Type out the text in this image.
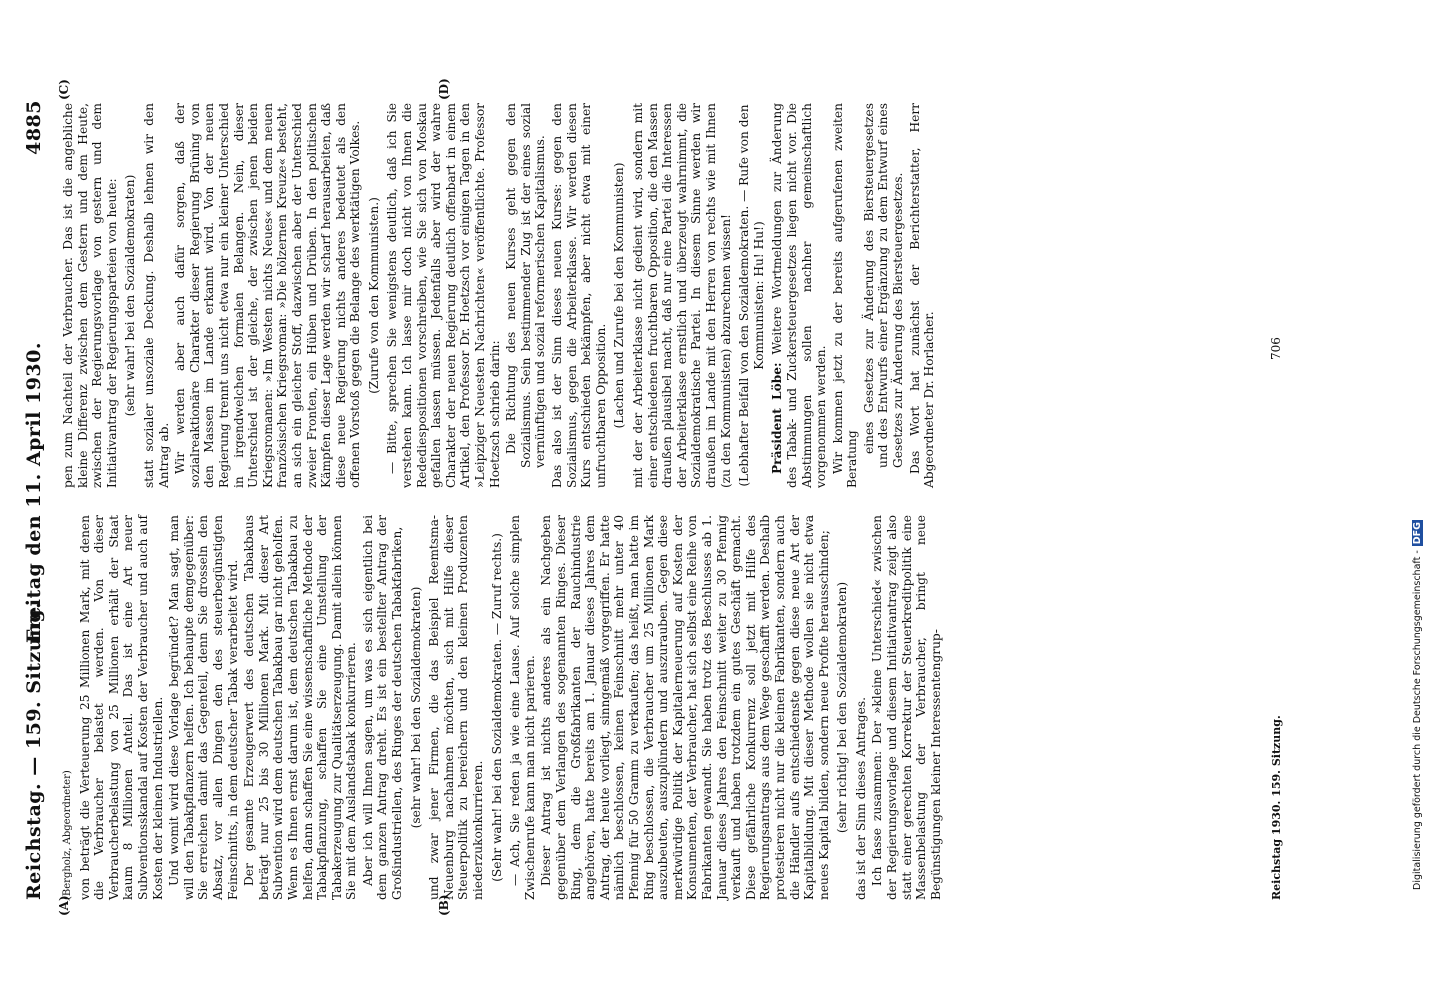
Reichstag. — 159. Sitzung.
Freitag den 11. April 1930. 4885

(Bergholz, Abgeordneter) von beträgt die Verteuerung 25 Millionen Mark, mit denen die Verbraucher belastet werden. Von dieser Verbraucherbelastung von 25 Millionen erhält der Staat kaum 8 Millionen Anteil. Das ist eine Art neuer Subventionsskandal auf Kosten der Verbraucher und auch auf Kosten der kleinen Industriellen. Und womit wird diese Vorlage begründet? Man sagt, man will den Tabakpflanzern helfen. Ich behaupte demgegenüber: Sie erreichen damit das Gegenteil, denn Sie drosseln den Absatz, vor allen Dingen den des steuerbegünstigten Feinschnitts, in dem deutscher Tabak verarbeitet wird. Der gesamte Erzeugerwert des deutschen Tabakbaus beträgt nur 25 bis 30 Millionen Mark. Mit dieser Art Subvention wird dem deutschen Tabakbau gar nicht geholfen. Wenn es Ihnen ernst darum ist, dem deutschen Tabakbau zu helfen, dann schaffen Sie eine wissenschaftliche Methode der Tabakpflanzung, schaffen Sie eine Umstellung der Tabakerzeugung zur Qualitätserzeugung. Damit allein können Sie mit dem Auslandstabak konkurrieren. Aber ich will Ihnen sagen, um was es sich eigentlich bei dem ganzen Antrag dreht. Es ist ein bestellter Antrag der Großindustriellen, des Ringes der deutschen Tabakfabriken, (sehr wahr! bei den Sozialdemokraten) und zwar jener Firmen, die das Beispiel Reemtsma-Neuenburg nachahmen möchten, sich mit Hilfe dieser Steuerpolitik zu bereichern und den kleinen Produzenten niederzukonkurrieren. (Sehr wahr! bei den Sozialdemokraten. — Zuruf rechts.) — Ach, Sie reden ja wie eine Lause. Auf solche simplen Zwischenrufe kann man nicht parieren. Dieser Antrag ist nichts anderes als ein Nachgeben gegenüber dem Verlangen des sogenannten Ringes. Dieser Ring, dem die Großfabrikanten der Rauchindustrie angehören, hatte bereits am 1. Januar dieses Jahres dem Antrag, der heute vorliegt, sinngemäß vorgegriffen. Er hatte nämlich beschlossen, keinen Feinschnitt mehr unter 40 Pfennig für 50 Gramm zu verkaufen; das heißt, man hatte im Ring beschlossen, die Verbraucher um 25 Millionen Mark auszubeuten, auszuplündern und auszurauben. Gegen diese merkwürdige Politik der Kapitalerneuerung auf Kosten der Konsumenten, der Verbraucher, hat sich selbst eine Reihe von Fabrikanten gewandt. Sie haben trotz des Beschlusses ab 1. Januar dieses Jahres den Feinschnitt weiter zu 30 Pfennig verkauft und haben trotzdem ein gutes Geschäft gemacht. Diese gefährliche Konkurrenz soll jetzt mit Hilfe des Regierungsantrags aus dem Wege geschafft werden. Deshalb protestieren nicht nur die kleinen Fabrikanten, sondern auch die Händler aufs entschiedenste gegen diese neue Art der Kapitalbildung. Mit dieser Methode wollen sie nicht etwa neues Kapital bilden, sondern neue Profite herausschinden; (sehr richtig! bei den Sozialdemokraten) das ist der Sinn dieses Antrages. Ich fasse zusammen: Der »kleine Unterschied« zwischen der Regierungsvorlage und diesem Initiativantrag zeigt also statt einer gerechten Korrektur der Steuerkreditpolitik eine Massenbelastung der Verbraucher, bringt neue Begünstigungen kleiner Interessentengrup-

pen zum Nachteil der Verbraucher. Das ist die angebliche kleine Differenz zwischen dem Gestern und dem Heute, zwischen der Regierungsvorlage von gestern und dem Initiativantrag der Regierungsparteien von heute: (sehr wahr! bei den Sozialdemokraten) statt sozialer unsoziale Deckung. Deshalb lehnen wir den Antrag ab. Wir werden aber auch dafür sorgen, daß der sozialreaktionäre Charakter dieser Regierung Brüning von den Massen im Lande erkannt wird. Von der neuen Regierung trennt uns nicht etwa nur ein kleiner Unterschied in irgendwelchen formalen Belangen. Nein, dieser Unterschied ist der gleiche, der zwischen jenen beiden Kriegsromanen: »Im Westen nichts Neues« und dem neuen französischen Kriegsroman: »Die hölzernen Kreuze« besteht, an sich ein gleicher Stoff, dazwischen aber der Unterschied zweier Fronten, ein Hüben und Drüben. In den politischen Kämpfen dieser Lage werden wir scharf herausarbeiten, daß diese neue Regierung nichts anderes bedeutet als den offenen Vorstoß gegen die Belange des werktätigen Volkes. (Zurufe von den Kommunisten.) — Bitte, sprechen Sie wenigstens deutlich, daß ich Sie verstehen kann. Ich lasse mir doch nicht von Ihnen die Redediespositionen vorschreiben, wie Sie sich von Moskau gefallen lassen müssen. Jedenfalls aber wird der wahre Charakter der neuen Regierung deutlich offenbart in einem Artikel, den Professor Dr. Hoetzsch vor einigen Tagen in den »Leipziger Neuesten Nachrichten« veröffentlichte. Professor Hoetzsch schrieb darin: Die Richtung des neuen Kurses geht gegen den Sozialismus. Sein bestimmender Zug ist der eines sozial vernünftigen und sozial reformerischen Kapitalismus. Das also ist der Sinn dieses neuen Kurses: gegen den Sozialismus, gegen die Arbeiterklasse. Wir werden diesen Kurs entschieden bekämpfen, aber nicht etwa mit einer unfruchtbaren Opposition. (Lachen und Zurufe bei den Kommunisten) mit der der Arbeiterklasse nicht gedient wird, sondern mit einer entschiedenen fruchtbaren Opposition, die den Massen draußen plausibel macht, daß nur eine Partei die Interessen der Arbeiterklasse ernstlich und überzeugt wahrnimmt, die Sozialdemokratische Partei. In diesem Sinne werden wir draußen im Lande mit den Herren von rechts wie mit Ihnen (zu den Kommunisten) abzurechnen wissen! (Lebhafter Beifall von den Sozialdemokraten. — Rufe von den Kommunisten: Hu! Hu!)

Präsident Löbe: Weitere Wortmeldungen zur Änderung des Tabak- und Zuckersteuergesetzes liegen nicht vor. Die Abstimmungen sollen nachher gemeinschaftlich vorgenommen werden. Wir kommen jetzt zu der bereits aufgerufenen zweiten Beratung

eines Gesetzes zur Änderung des Biersteuergesetzes und des Entwurfs einer Ergänzung zu dem Entwurf eines Gesetzes zur Änderung des Biersteuergesetzes. Das Wort hat zunächst der Berichterstatter, Herr Abgeordneter Dr. Horlacher.

(A)	(B)
(C)	(D)
Reichstag 1930. 159. Sitzung.
706
Digitalisierung gefördert durch die Deutsche Forschungsgemeinschaft -DFG
